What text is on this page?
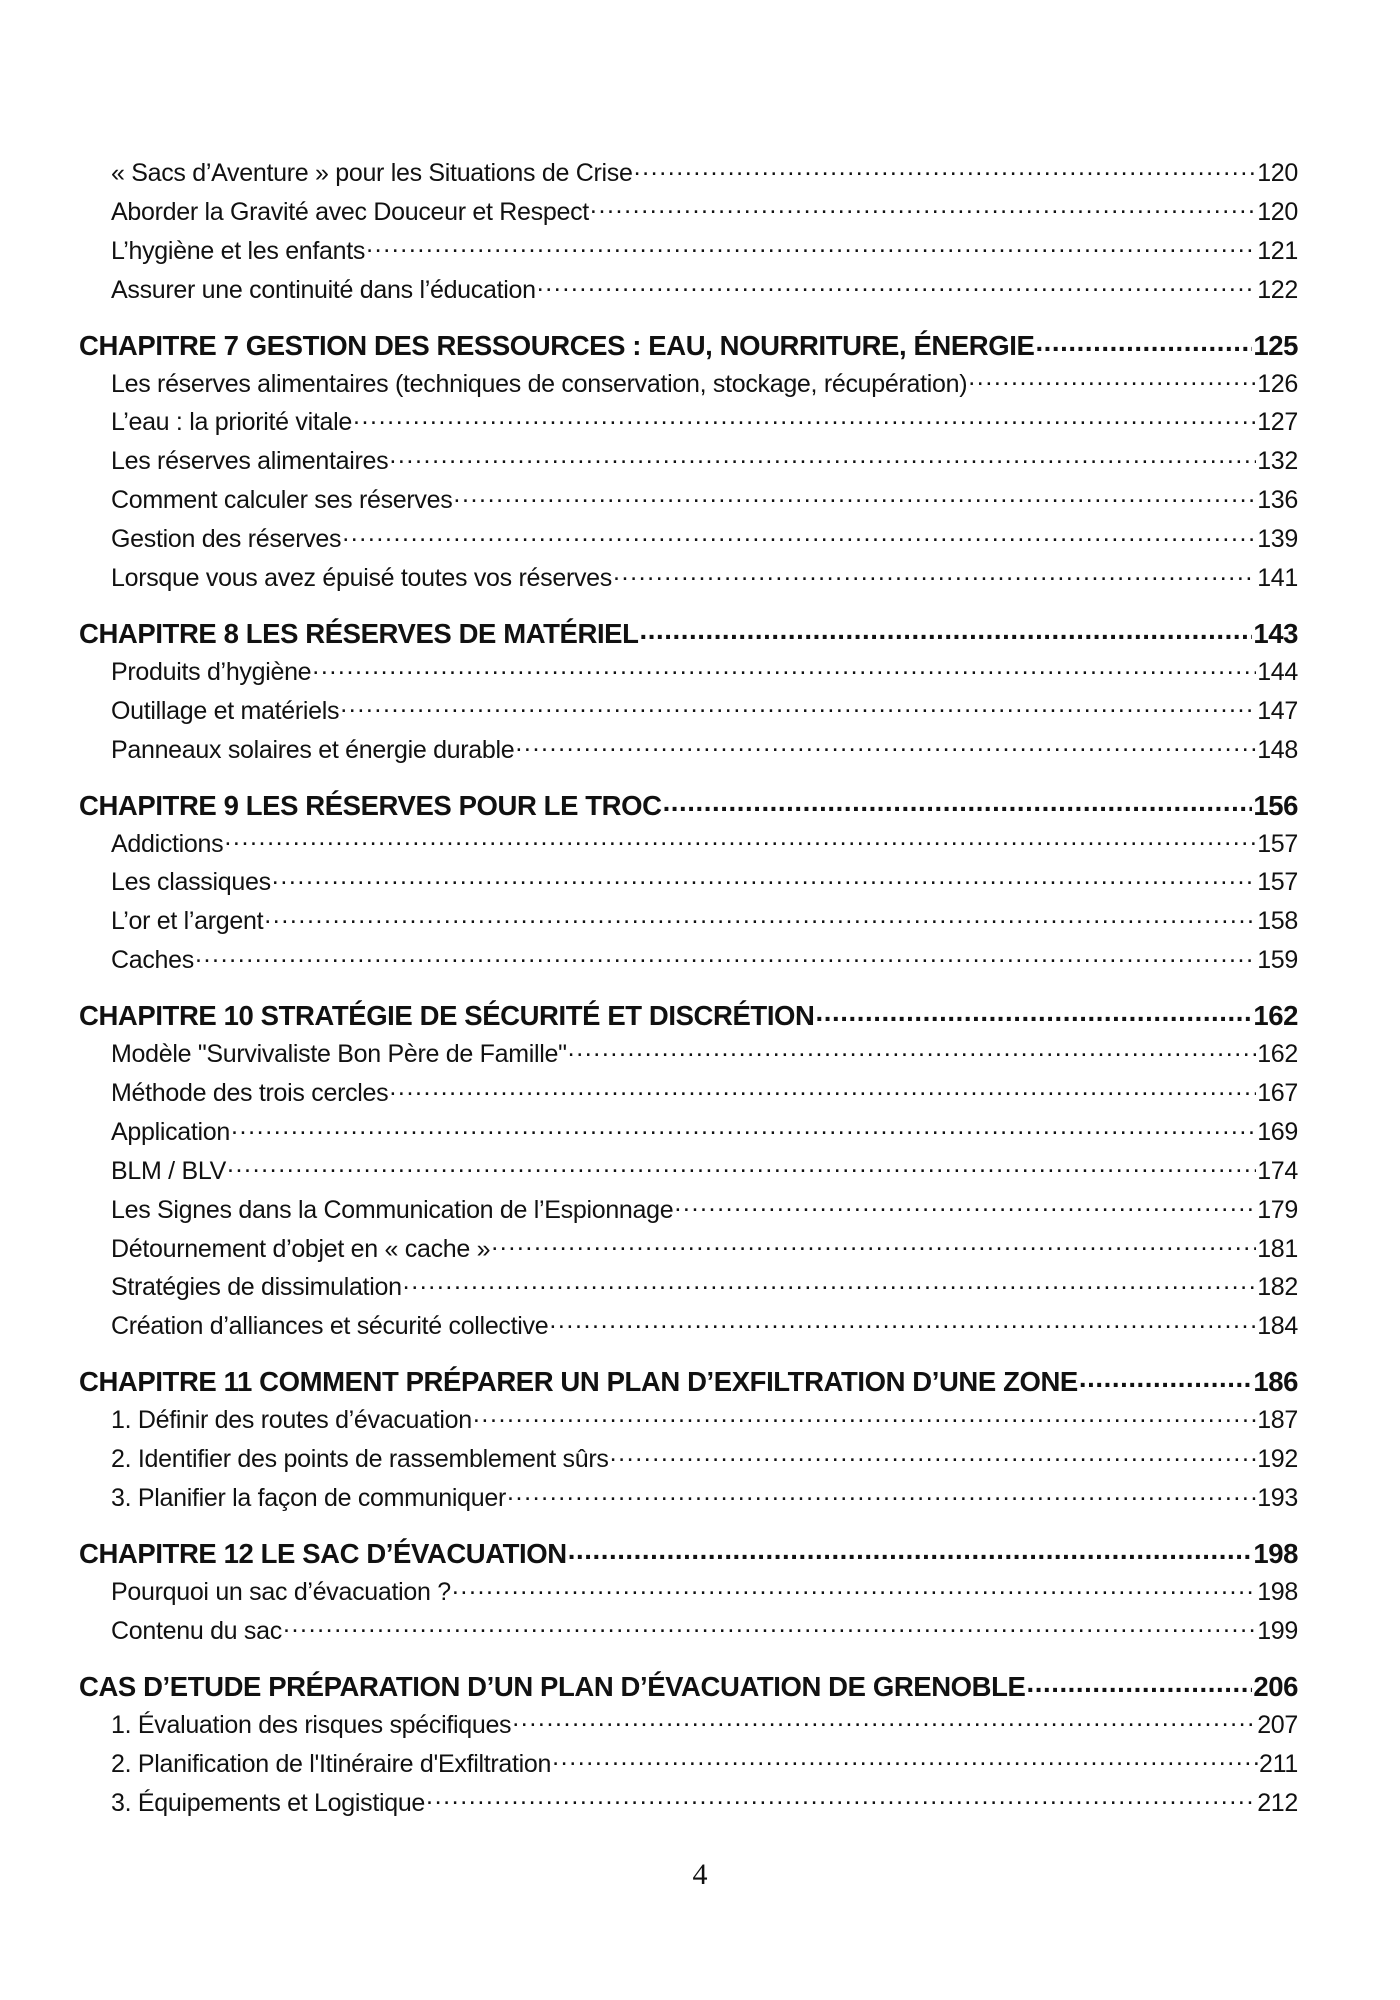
« Sacs d’Aventure » pour les Situations de Crise .....	120
Aborder la Gravité avec Douceur et Respect .....	120
L’hygiène et les enfants .....	121
Assurer une continuité dans l’éducation .....	122
CHAPITRE 7 GESTION DES RESSOURCES : EAU, NOURRITURE, ÉNERGIE .....	125
Les réserves alimentaires (techniques de conservation, stockage, récupération) .....	126
L’eau : la priorité vitale .....	127
Les réserves alimentaires .....	132
Comment calculer ses réserves .....	136
Gestion des réserves .....	139
Lorsque vous avez épuisé toutes vos réserves .....	141
CHAPITRE 8 LES RÉSERVES DE MATÉRIEL .....	143
Produits d’hygiène .....	144
Outillage et matériels .....	147
Panneaux solaires et énergie durable .....	148
CHAPITRE 9 LES RÉSERVES POUR LE TROC .....	156
Addictions .....	157
Les classiques .....	157
L’or et l’argent .....	158
Caches .....	159
CHAPITRE 10 STRATÉGIE DE SÉCURITÉ ET DISCRÉTION .....	162
Modèle "Survivaliste Bon Père de Famille" .....	162
Méthode des trois cercles .....	167
Application .....	169
BLM / BLV .....	174
Les Signes dans la Communication de l’Espionnage .....	179
Détournement d’objet en « cache » .....	181
Stratégies de dissimulation .....	182
Création d’alliances et sécurité collective .....	184
CHAPITRE 11 COMMENT PRÉPARER UN PLAN D’EXFILTRATION D’UNE ZONE .....	186
1. Définir des routes d’évacuation .....	187
2. Identifier des points de rassemblement sûrs .....	192
3. Planifier la façon de communiquer .....	193
CHAPITRE 12 LE SAC D’ÉVACUATION .....	198
Pourquoi un sac d’évacuation ? .....	198
Contenu du sac .....	199
CAS D’ETUDE PRÉPARATION D’UN PLAN D’ÉVACUATION DE GRENOBLE .....	206
1. Évaluation des risques spécifiques .....	207
2. Planification de l'Itinéraire d'Exfiltration .....	211
3. Équipements et Logistique .....	212
4
